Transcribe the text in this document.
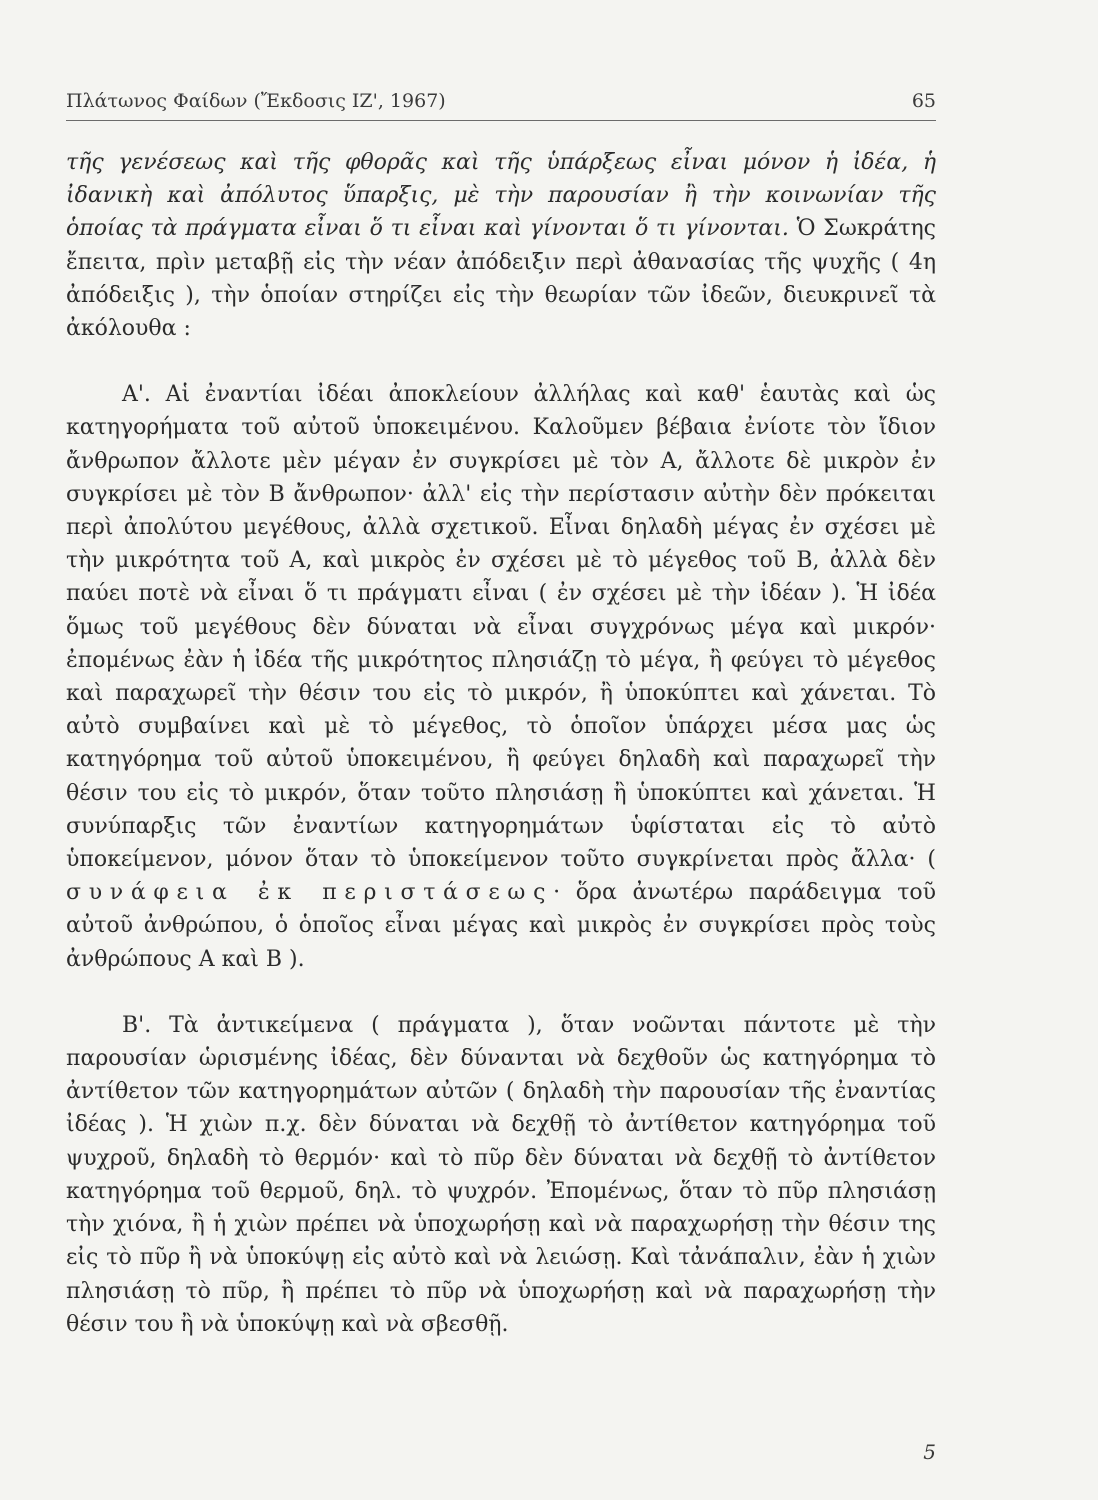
Πλάτωνος Φαίδων (Ἔκδοσις ΙΖ', 1967)	65

τῆς γενέσεως καὶ τῆς φθορᾶς καὶ τῆς ὑπάρξεως εἶναι μόνον ἡ ἰδέα, ἡ ἰδανικὴ καὶ ἀπόλυτος ὕπαρξις, μὲ τὴν παρουσίαν ἢ τὴν κοινωνίαν τῆς ὁποίας τὰ πράγματα εἶναι ὅ τι εἶναι καὶ γίνονται ὅ τι γίνονται. Ὁ Σωκράτης ἔπειτα, πρὶν μεταβῇ εἰς τὴν νέαν ἀπόδειξιν περὶ ἀθανασίας τῆς ψυχῆς ( 4η ἀπόδειξις ), τὴν ὁποίαν στηρίζει εἰς τὴν θεωρίαν τῶν ἰδεῶν, διευκρινεῖ τὰ ἀκόλουθα :

Α'. Αἱ ἐναντίαι ἰδέαι ἀποκλείουν ἀλλήλας καὶ καθ' ἑαυτὰς καὶ ὡς κατηγορήματα τοῦ αὐτοῦ ὑποκειμένου. Καλοῦμεν βέβαια ἐνίοτε τὸν ἴδιον ἄνθρωπον ἄλλοτε μὲν μέγαν ἐν συγκρίσει μὲ τὸν Α, ἄλλοτε δὲ μικρὸν ἐν συγκρίσει μὲ τὸν Β ἄνθρωπον· ἀλλ' εἰς τὴν περίστασιν αὐτὴν δὲν πρόκειται περὶ ἀπολύτου μεγέθους, ἀλλὰ σχετικοῦ. Εἶναι δηλαδὴ μέγας ἐν σχέσει μὲ τὴν μικρότητα τοῦ Α, καὶ μικρὸς ἐν σχέσει μὲ τὸ μέγεθος τοῦ Β, ἀλλὰ δὲν παύει ποτὲ νὰ εἶναι ὅ τι πράγματι εἶναι ( ἐν σχέσει μὲ τὴν ἰδέαν ). Ἡ ἰδέα ὅμως τοῦ μεγέθους δὲν δύναται νὰ εἶναι συγχρόνως μέγα καὶ μικρόν· ἐπομένως ἐὰν ἡ ἰδέα τῆς μικρότητος πλησιάζῃ τὸ μέγα, ἢ φεύγει τὸ μέγεθος καὶ παραχωρεῖ τὴν θέσιν του εἰς τὸ μικρόν, ἢ ὑποκύπτει καὶ χάνεται. Τὸ αὐτὸ συμβαίνει καὶ μὲ τὸ μέγεθος, τὸ ὁποῖον ὑπάρχει μέσα μας ὡς κατηγόρημα τοῦ αὐτοῦ ὑποκειμένου, ἢ φεύγει δηλαδὴ καὶ παραχωρεῖ τὴν θέσιν του εἰς τὸ μικρόν, ὅταν τοῦτο πλησιάσῃ ἢ ὑποκύπτει καὶ χάνεται. Ἡ συνύπαρξις τῶν ἐναντίων κατηγορημάτων ὑφίσταται εἰς τὸ αὐτὸ ὑποκείμενον, μόνον ὅταν τὸ ὑποκείμενον τοῦτο συγκρίνεται πρὸς ἄλλα· ( συνάφεια ἐκ περιστάσεως· ὅρα ἀνωτέρω παράδειγμα τοῦ αὐτοῦ ἀνθρώπου, ὁ ὁποῖος εἶναι μέγας καὶ μικρὸς ἐν συγκρίσει πρὸς τοὺς ἀνθρώπους Α καὶ Β ).

Β'. Τὰ ἀντικείμενα ( πράγματα ), ὅταν νοῶνται πάντοτε μὲ τὴν παρουσίαν ὡρισμένης ἰδέας, δὲν δύνανται νὰ δεχθοῦν ὡς κατηγόρημα τὸ ἀντίθετον τῶν κατηγορημάτων αὐτῶν ( δηλαδὴ τὴν παρουσίαν τῆς ἐναντίας ἰδέας ). Ἡ χιὼν π.χ. δὲν δύναται νὰ δεχθῇ τὸ ἀντίθετον κατηγόρημα τοῦ ψυχροῦ, δηλαδὴ τὸ θερμόν· καὶ τὸ πῦρ δὲν δύναται νὰ δεχθῇ τὸ ἀντίθετον κατηγόρημα τοῦ θερμοῦ, δηλ. τὸ ψυχρόν. Ἐπομένως, ὅταν τὸ πῦρ πλησιάσῃ τὴν χιόνα, ἢ ἡ χιὼν πρέπει νὰ ὑποχωρήσῃ καὶ νὰ παραχωρήσῃ τὴν θέσιν της εἰς τὸ πῦρ ἢ νὰ ὑποκύψῃ εἰς αὐτὸ καὶ νὰ λειώσῃ. Καὶ τἀνάπαλιν, ἐὰν ἡ χιὼν πλησιάσῃ τὸ πῦρ, ἢ πρέπει τὸ πῦρ νὰ ὑποχωρήσῃ καὶ νὰ παραχωρήσῃ τὴν θέσιν του ἢ νὰ ὑποκύψῃ καὶ νὰ σβεσθῇ.

5
